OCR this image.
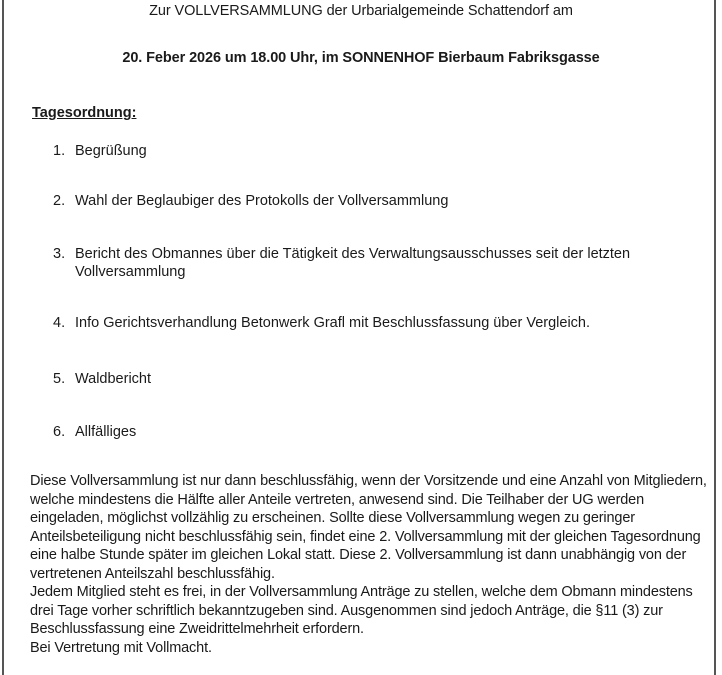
Zur VOLLVERSAMMLUNG der Urbarialgemeinde Schattendorf am
20. Feber 2026 um 18.00 Uhr, im SONNENHOF Bierbaum Fabriksgasse
Tagesordnung:
1. Begrüßung
2. Wahl der Beglaubiger des Protokolls der Vollversammlung
3. Bericht des Obmannes über die Tätigkeit des Verwaltungsausschusses seit der letzten Vollversammlung
4. Info Gerichtsverhandlung Betonwerk Grafl mit Beschlussfassung über Vergleich.
5. Waldbericht
6. Allfälliges

Diese Vollversammlung ist nur dann beschlussfähig, wenn der Vorsitzende und eine Anzahl von Mitgliedern, welche mindestens die Hälfte aller Anteile vertreten, anwesend sind. Die Teilhaber der UG werden eingeladen, möglichst vollzählig zu erscheinen. Sollte diese Vollversammlung wegen zu geringer Anteilsbeteiligung nicht beschlussfähig sein, findet eine 2. Vollversammlung mit der gleichen Tagesordnung eine halbe Stunde später im gleichen Lokal statt. Diese 2. Vollversammlung ist dann unabhängig von der vertretenen Anteilszahl beschlussfähig.

Jedem Mitglied steht es frei, in der Vollversammlung Anträge zu stellen, welche dem Obmann mindestens drei Tage vorher schriftlich bekanntzugeben sind. Ausgenommen sind jedoch Anträge, die §11 (3) zur Beschlussfassung eine Zweidrittelmehrheit erfordern.

Bei Vertretung mit Vollmacht.
